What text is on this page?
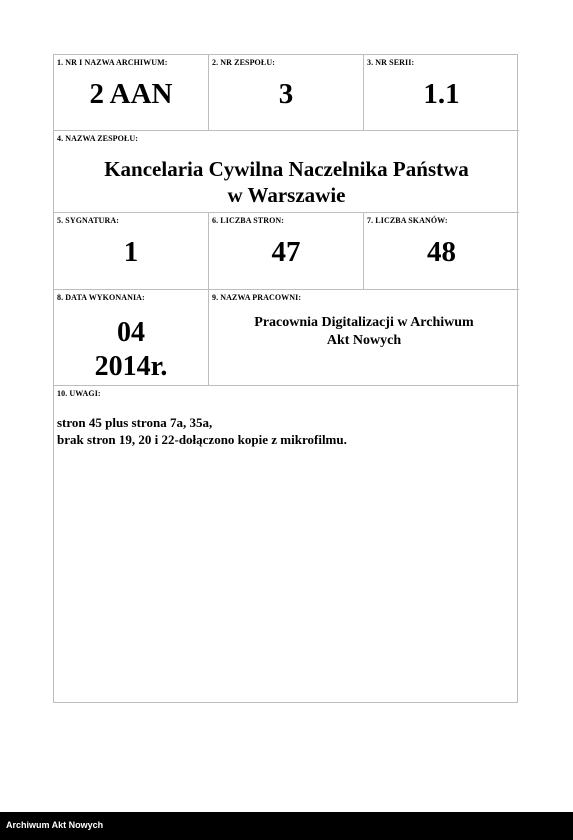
1. NR I NAZWA ARCHIWUM:
2 AAN
2. NR ZESPOŁU:
3
3. NR SERII:
1.1
4. NAZWA ZESPOŁU:
Kancelaria Cywilna Naczelnika Państwa
w Warszawie
5. SYGNATURA:
1
6. LICZBA STRON:
47
7. LICZBA SKANÓW:
48
8. DATA WYKONANIA:
04
2014r.
9. NAZWA PRACOWNI:
Pracownia Digitalizacji w Archiwum
Akt Nowych
10. UWAGI:
stron 45 plus strona 7a, 35a,
brak stron 19, 20 i 22-dołączono kopie z mikrofilmu.
Archiwum Akt Nowych
